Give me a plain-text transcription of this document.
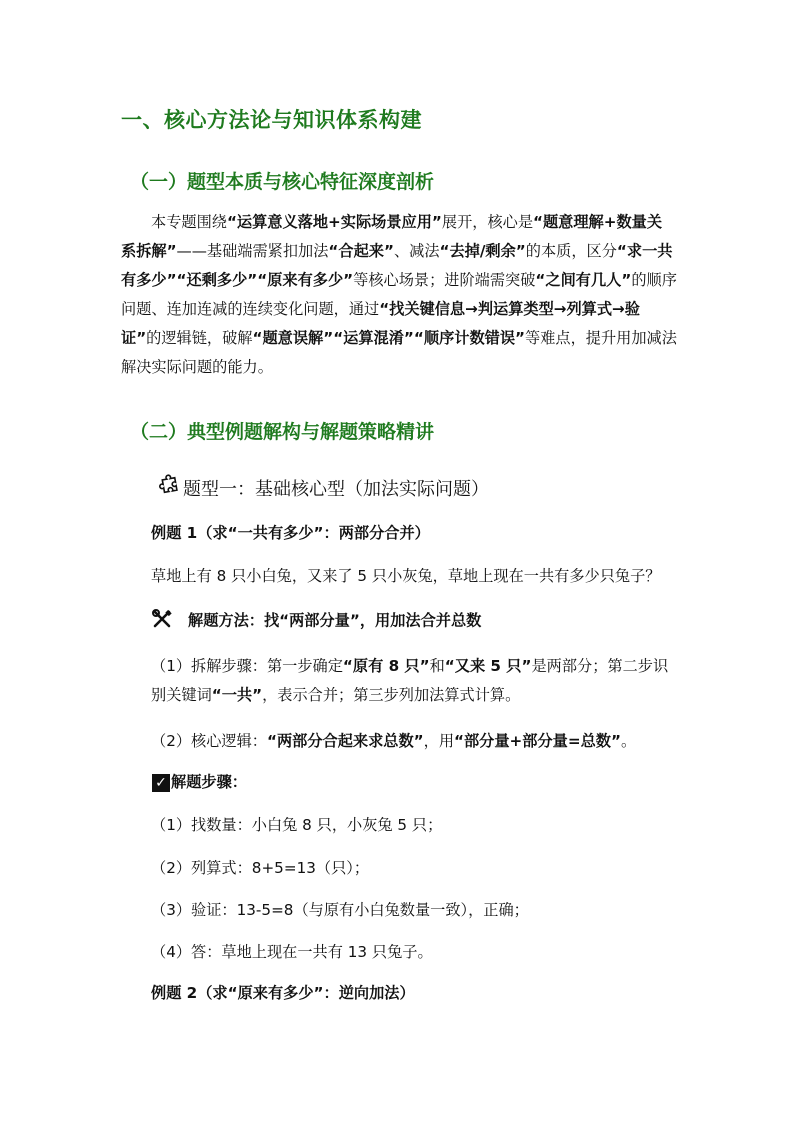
一、核心方法论与知识体系构建
（一）题型本质与核心特征深度剖析

本专题围绕“运算意义落地+实际场景应用”展开，核心是“题意理解+数量关系拆解”——基础端需紧扣加法“合起来”、减法“去掉/剩余”的本质，区分“求一共有多少”“还剩多少”“原来有多少”等核心场景；进阶端需突破“之间有几人”的顺序问题、连加连减的连续变化问题，通过“找关键信息→判运算类型→列算式→验证”的逻辑链，破解“题意误解”“运算混淆”“顺序计数错误”等难点，提升用加减法解决实际问题的能力。

（二）典型例题解构与解题策略精讲
题型一：基础核心型（加法实际问题）
例题 1（求“一共有多少”：两部分合并）
草地上有 8 只小白兔，又来了 5 只小灰兔，草地上现在一共有多少只兔子？
解题方法：找“两部分量”，用加法合并总数
（1）拆解步骤：第一步确定“原有 8 只”和“又来 5 只”是两部分；第二步识别关键词“一共”，表示合并；第三步列加法算式计算。
（2）核心逻辑：“两部分合起来求总数”，用“部分量+部分量=总数”。
✓ 解题步骤：
（1）找数量：小白兔 8 只，小灰兔 5 只；
（2）列算式：8+5=13（只）；
（3）验证：13-5=8（与原有小白兔数量一致），正确；
（4）答：草地上现在一共有 13 只兔子。
例题 2（求“原来有多少”：逆向加法）
